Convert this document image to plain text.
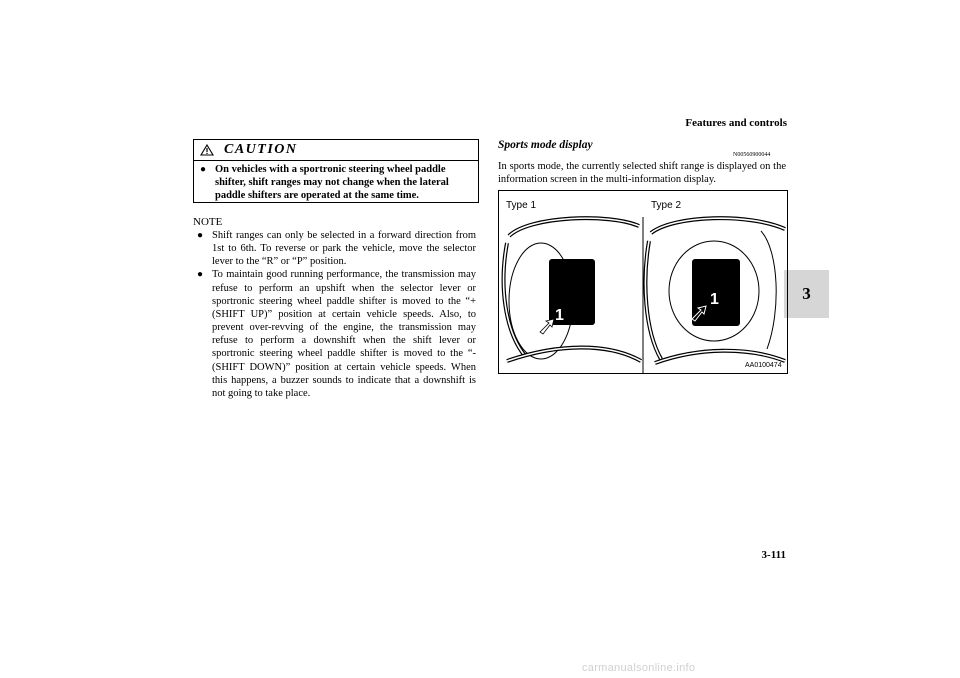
Features and controls
3
CAUTION
● On vehicles with a sportronic steering wheel paddle shifter, shift ranges may not change when the lateral paddle shifters are operated at the same time.
NOTE
● Shift ranges can only be selected in a forward direction from 1st to 6th. To reverse or park the vehicle, move the selector lever to the “R” or “P” position.
● To maintain good running performance, the transmission may refuse to perform an upshift when the selector lever or sportronic steering wheel paddle shifter is moved to the “+ (SHIFT UP)” position at certain vehicle speeds. Also, to prevent over-revving of the engine, the transmission may refuse to perform a downshift when the shift lever or sportronic steering wheel paddle shifter is moved to the “- (SHIFT DOWN)” position at certain vehicle speeds. When this happens, a buzzer sounds to indicate that a downshift is not going to take place.
Sports mode display
N00560900044
In sports mode, the currently selected shift range is displayed on the information screen in the multi-information display.
Type 1	Type 2
1
1
AA0100474
3-111
carmanualsonline.info
